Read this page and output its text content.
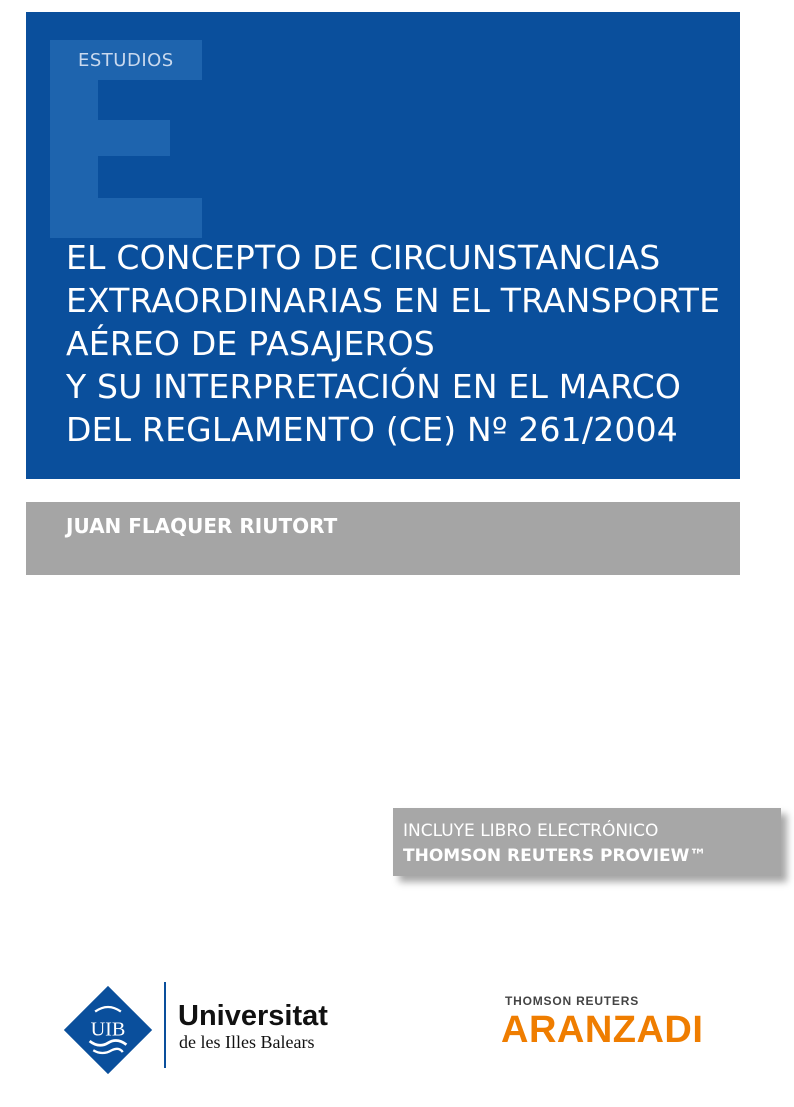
ESTUDIOS
EL CONCEPTO DE CIRCUNSTANCIAS
EXTRAORDINARIAS EN EL TRANSPORTE
AÉREO DE PASAJEROS
Y SU INTERPRETACIÓN EN EL MARCO
DEL REGLAMENTO (CE) Nº 261/2004
JUAN FLAQUER RIUTORT
INCLUYE LIBRO ELECTRÓNICO
THOMSON REUTERS PROVIEW™
UIB Universitat
de les Illes Balears
THOMSON REUTERS
ARANZADI
